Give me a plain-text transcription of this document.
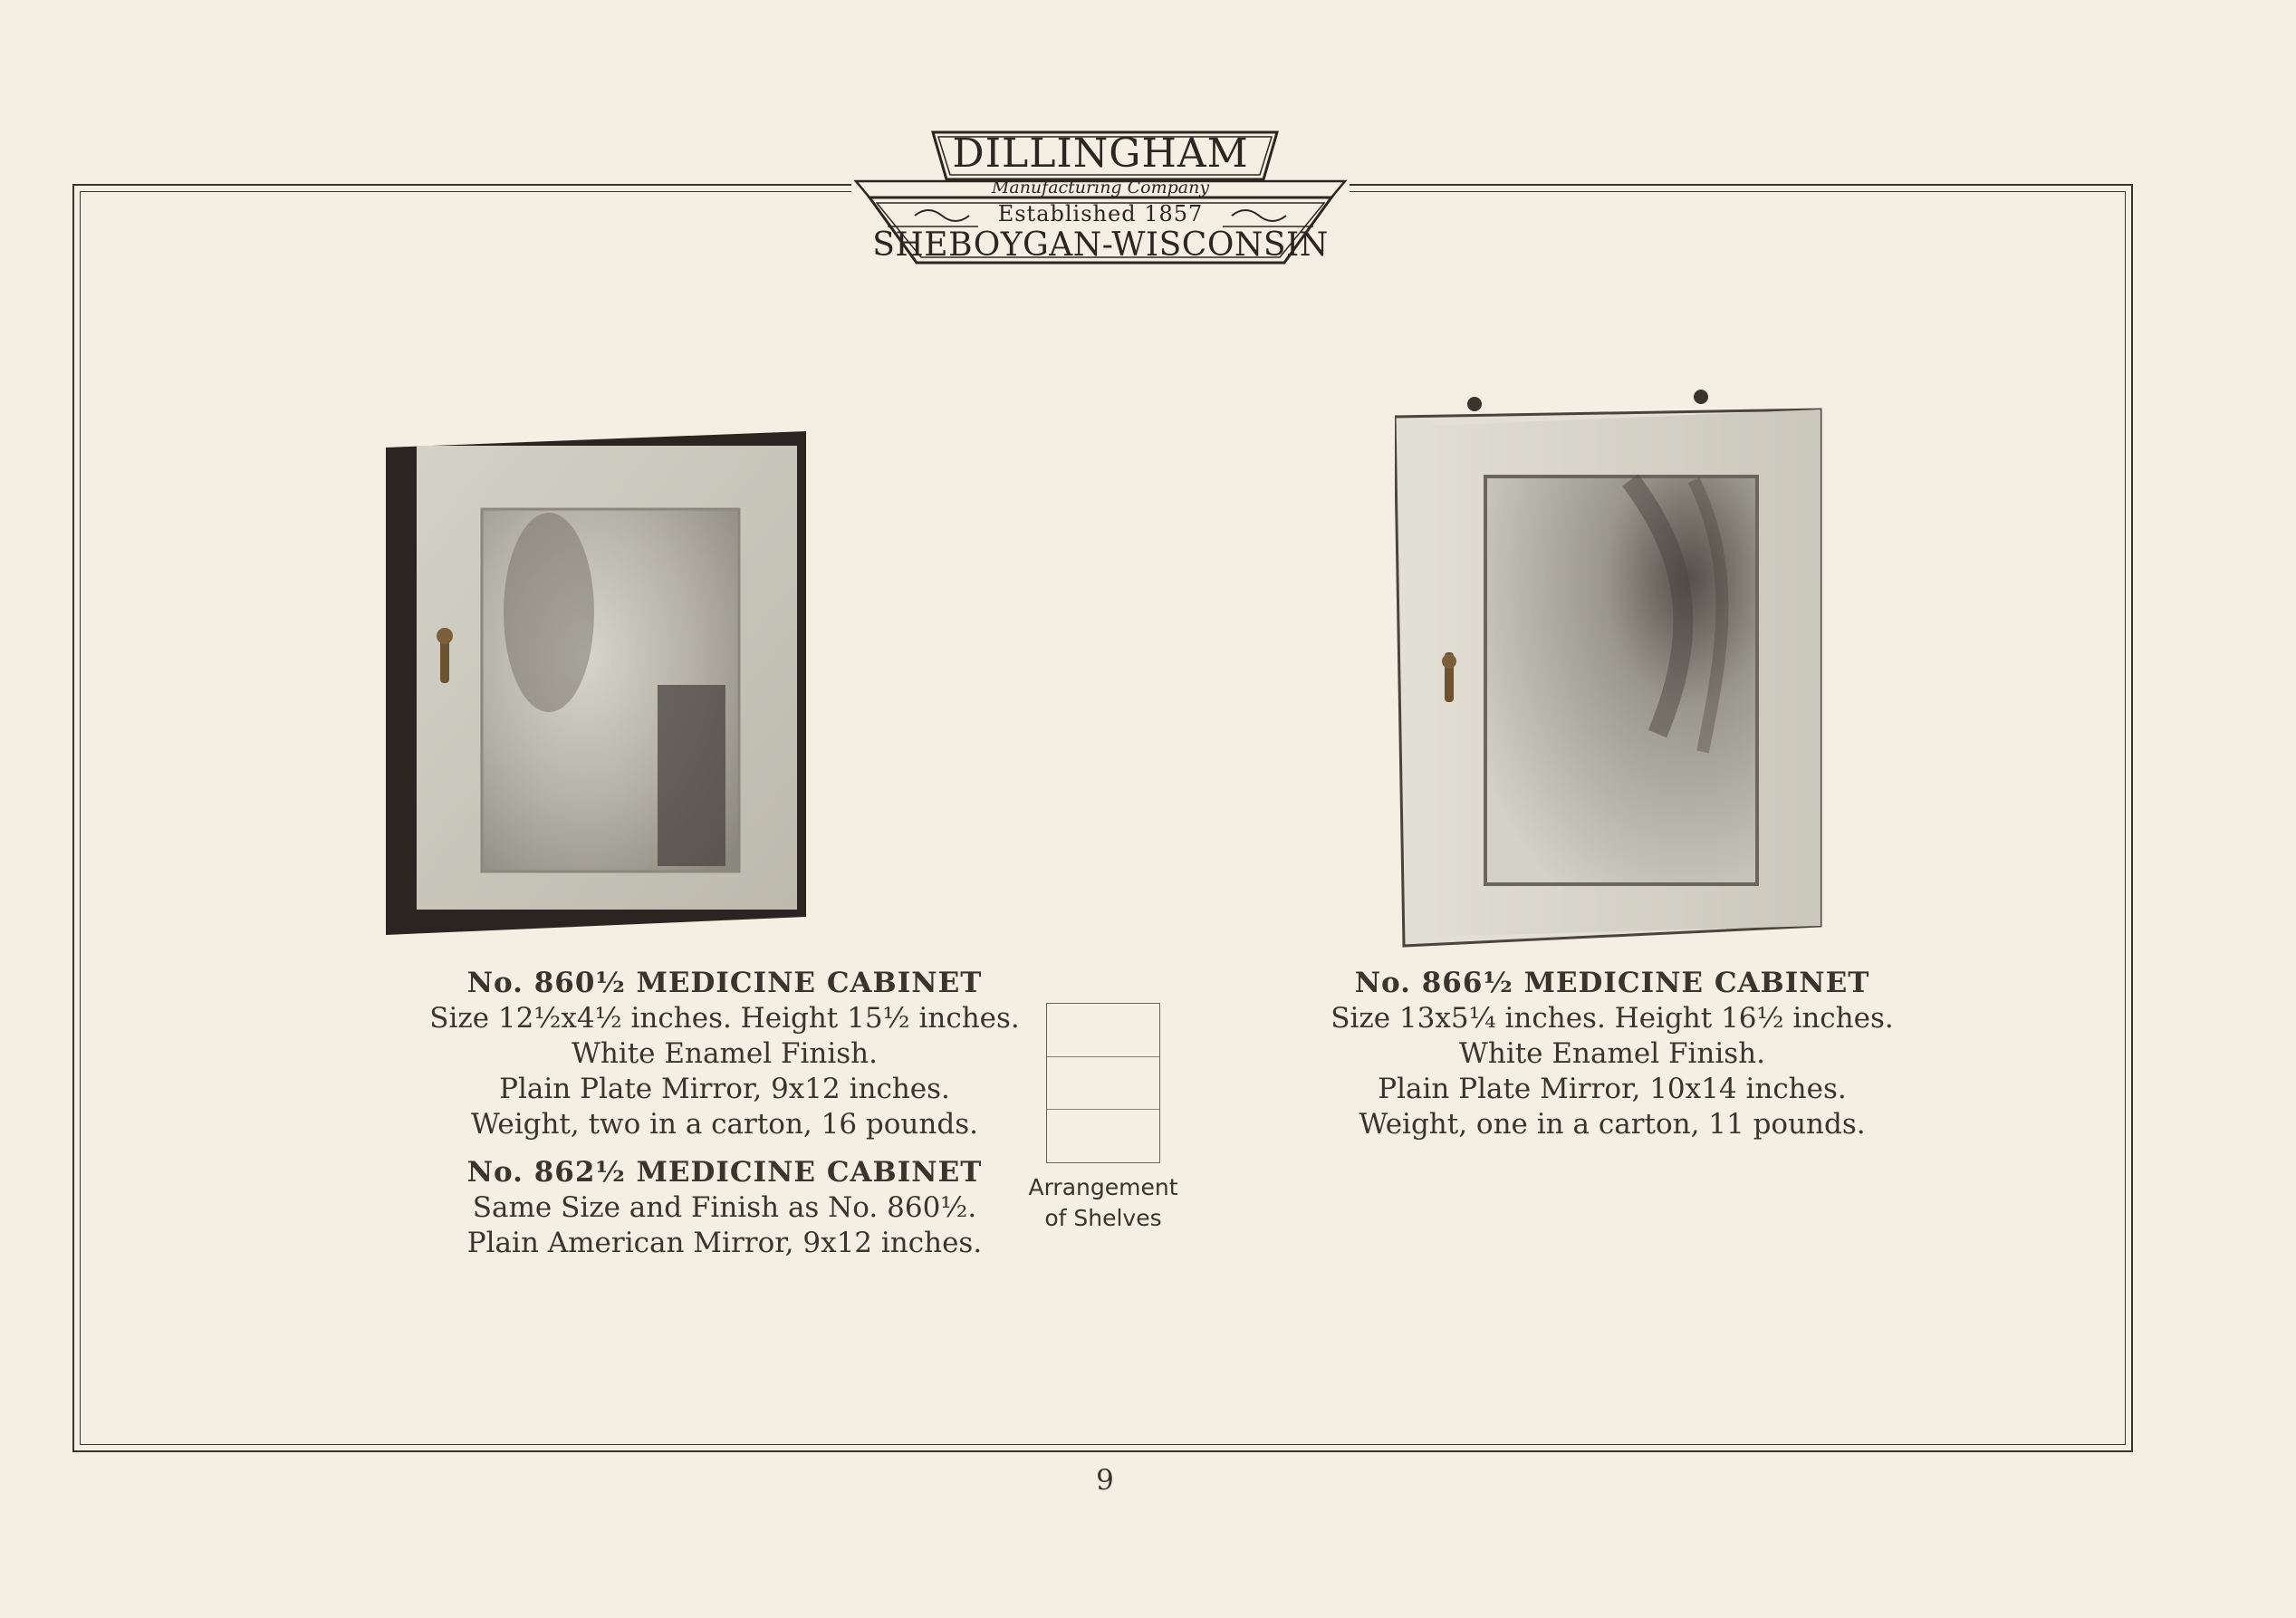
DILLINGHAM
Manufacturing Company
Established 1857
SHEBOYGAN-WISCONSIN
No. 860½ MEDICINE CABINET
Size 12½x4½ inches. Height 15½ inches.
White Enamel Finish.
Plain Plate Mirror, 9x12 inches.
Weight, two in a carton, 16 pounds.
No. 862½ MEDICINE CABINET
Same Size and Finish as No. 860½.
Plain American Mirror, 9x12 inches.
Arrangement
of Shelves
No. 866½ MEDICINE CABINET
Size 13x5¼ inches. Height 16½ inches.
White Enamel Finish.
Plain Plate Mirror, 10x14 inches.
Weight, one in a carton, 11 pounds.
9
